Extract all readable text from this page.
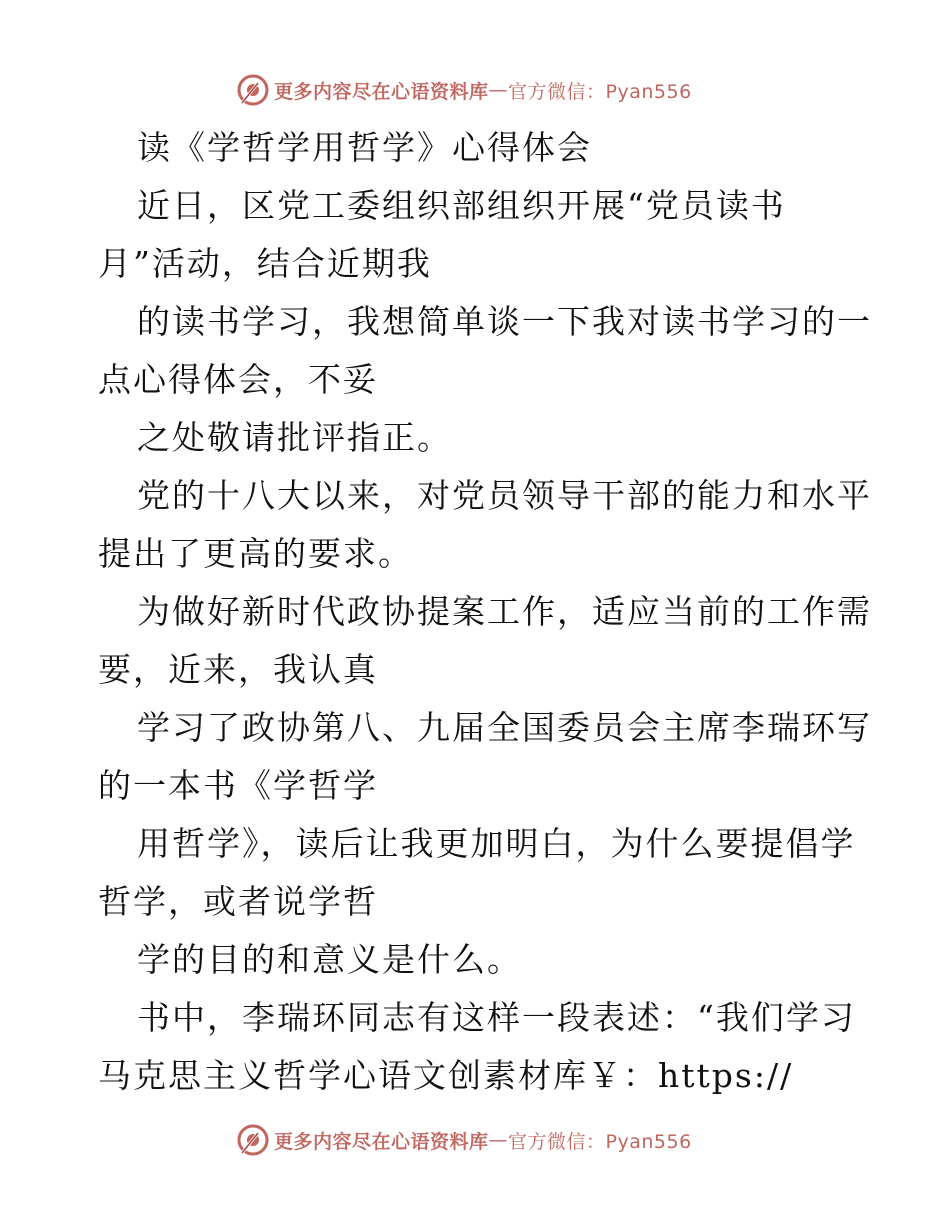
更多内容尽在心语资料库 — 官方微信：Pyan556
读《学哲学用哲学》心得体会
近日，区党工委组织部组织开展“党员读书
月”活动，结合近期我
的读书学习，我想简单谈一下我对读书学习的一
点心得体会，不妥
之处敬请批评指正。
党的十八大以来，对党员领导干部的能力和水平
提出了更高的要求。
为做好新时代政协提案工作，适应当前的工作需
要，近来，我认真
学习了政协第八、九届全国委员会主席李瑞环写
的一本书《学哲学
用哲学》，读后让我更加明白，为什么要提倡学
哲学，或者说学哲
学的目的和意义是什么。
书中，李瑞环同志有这样一段表述：“我们学习
马克思主义哲学心语文创素材库￥：https://
更多内容尽在心语资料库 — 官方微信：Pyan556
